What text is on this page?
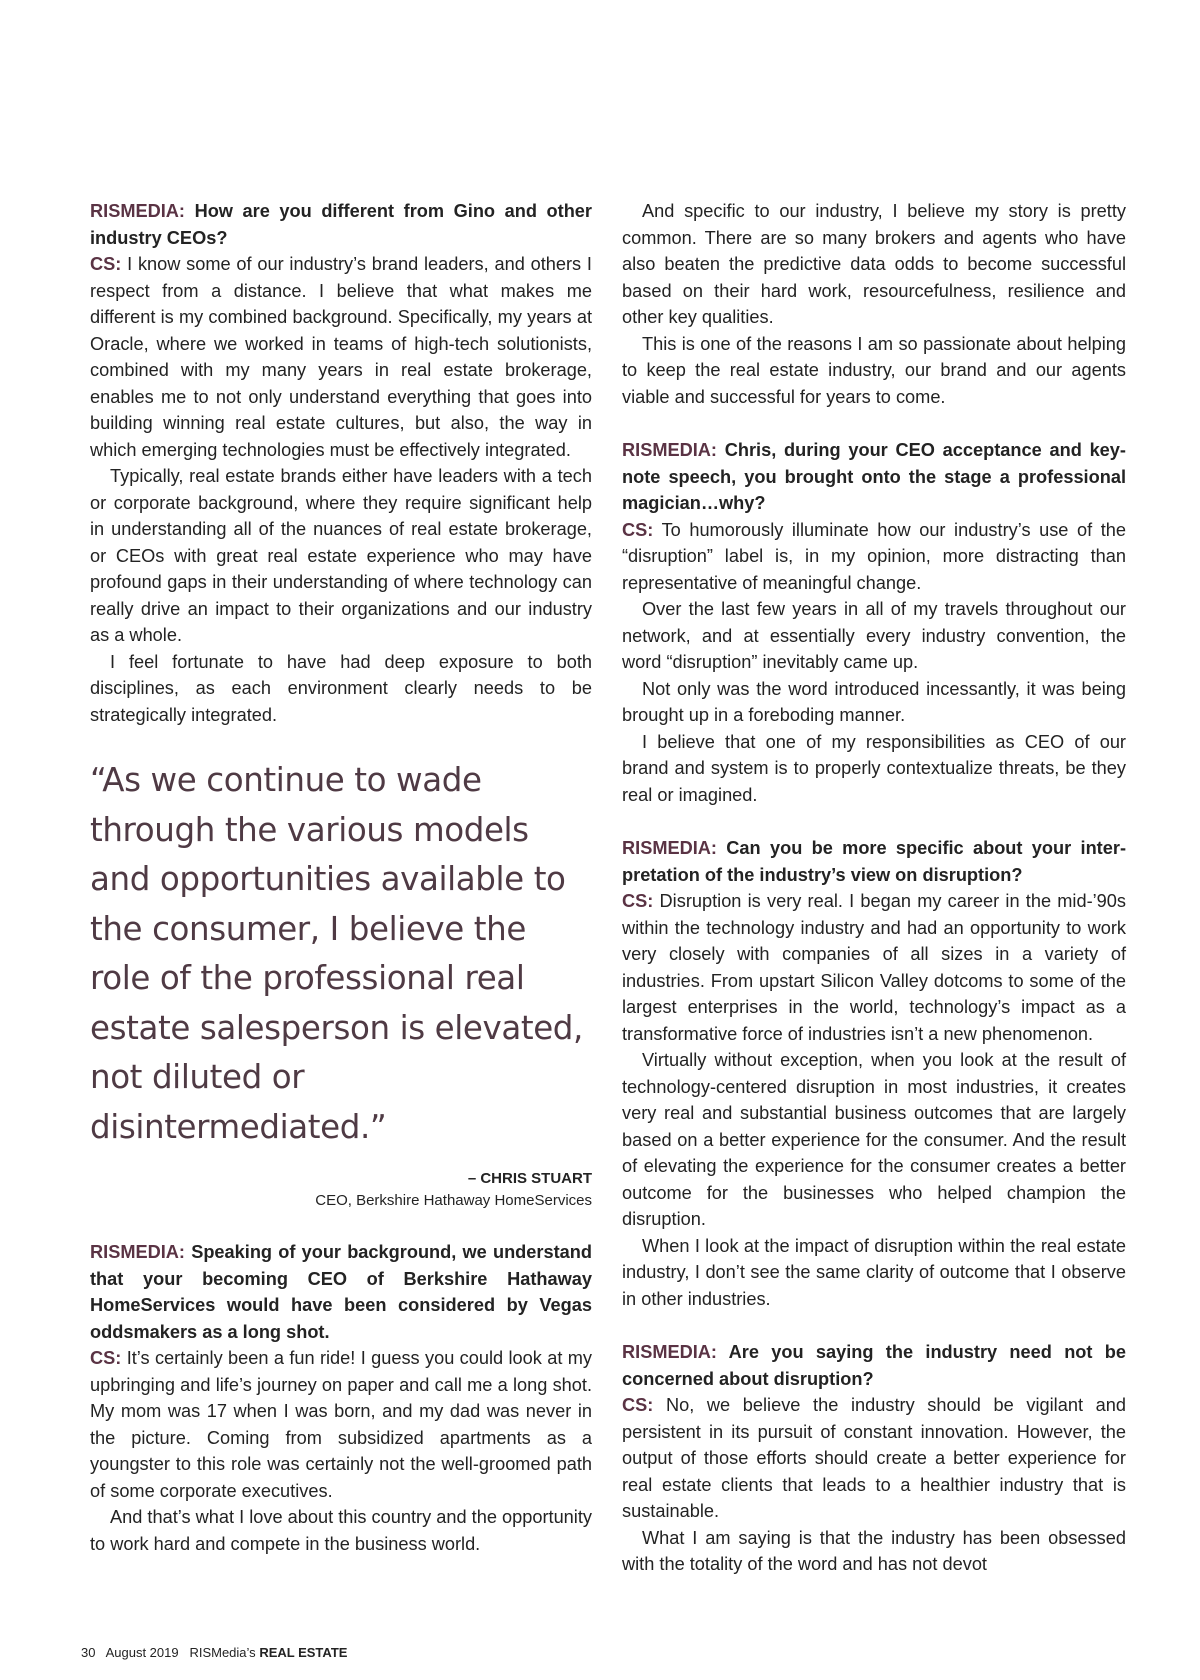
RISMEDIA: How are you different from Gino and other industry CEOs?

CS: I know some of our industry’s brand leaders, and others I respect from a distance. I believe that what makes me different is my combined background. Specifically, my years at Oracle, where we worked in teams of high-tech solutionists, combined with my many years in real estate brokerage, enables me to not only understand everything that goes into building winning real estate cultures, but also, the way in which emerging technologies must be effectively integrated.

Typically, real estate brands either have leaders with a tech or corporate background, where they require significant help in understanding all of the nuances of real estate brokerage, or CEOs with great real estate experience who may have profound gaps in their understanding of where technology can really drive an impact to their organizations and our industry as a whole.

I feel fortunate to have had deep exposure to both disciplines, as each environment clearly needs to be strategically integrated.

“As we continue to wade through the various models and opportunities available to the consumer, I believe the role of the professional real estate salesperson is elevated, not diluted or disintermediated.”
– CHRIS STUART
CEO, Berkshire Hathaway HomeServices

RISMEDIA: Speaking of your background, we understand that your becoming CEO of Berkshire Hathaway HomeServices would have been considered by Vegas oddsmakers as a long shot.

CS: It’s certainly been a fun ride! I guess you could look at my upbringing and life’s journey on paper and call me a long shot. My mom was 17 when I was born, and my dad was never in the picture. Coming from subsidized apartments as a youngster to this role was certainly not the well-groomed path of some corporate executives.

And that’s what I love about this country and the opportunity to work hard and compete in the business world.

And specific to our industry, I believe my story is pretty common. There are so many brokers and agents who have also beaten the predictive data odds to become successful based on their hard work, resourcefulness, resilience and other key qualities.

This is one of the reasons I am so passionate about helping to keep the real estate industry, our brand and our agents viable and successful for years to come.

RISMEDIA: Chris, during your CEO acceptance and keynote speech, you brought onto the stage a professional magician…why?

CS: To humorously illuminate how our industry’s use of the “disruption” label is, in my opinion, more distracting than representative of meaningful change.

Over the last few years in all of my travels throughout our network, and at essentially every industry convention, the word “disruption” inevitably came up.

Not only was the word introduced incessantly, it was being brought up in a foreboding manner.

I believe that one of my responsibilities as CEO of our brand and system is to properly contextualize threats, be they real or imagined.

RISMEDIA: Can you be more specific about your interpretation of the industry’s view on disruption?

CS: Disruption is very real. I began my career in the mid-’90s within the technology industry and had an opportunity to work very closely with companies of all sizes in a variety of industries. From upstart Silicon Valley dotcoms to some of the largest enterprises in the world, technology’s impact as a transformative force of industries isn’t a new phenomenon.

Virtually without exception, when you look at the result of technology-centered disruption in most industries, it creates very real and substantial business outcomes that are largely based on a better experience for the consumer. And the result of elevating the experience for the consumer creates a better outcome for the businesses who helped champion the disruption.

When I look at the impact of disruption within the real estate industry, I don’t see the same clarity of outcome that I observe in other industries.

RISMEDIA: Are you saying the industry need not be concerned about disruption?

CS: No, we believe the industry should be vigilant and persistent in its pursuit of constant innovation. However, the output of those efforts should create a better experience for real estate clients that leads to a healthier industry that is sustainable.

What I am saying is that the industry has been obsessed with the totality of the word and has not devot

30 August 2019 RISMedia’s REAL ESTATE
